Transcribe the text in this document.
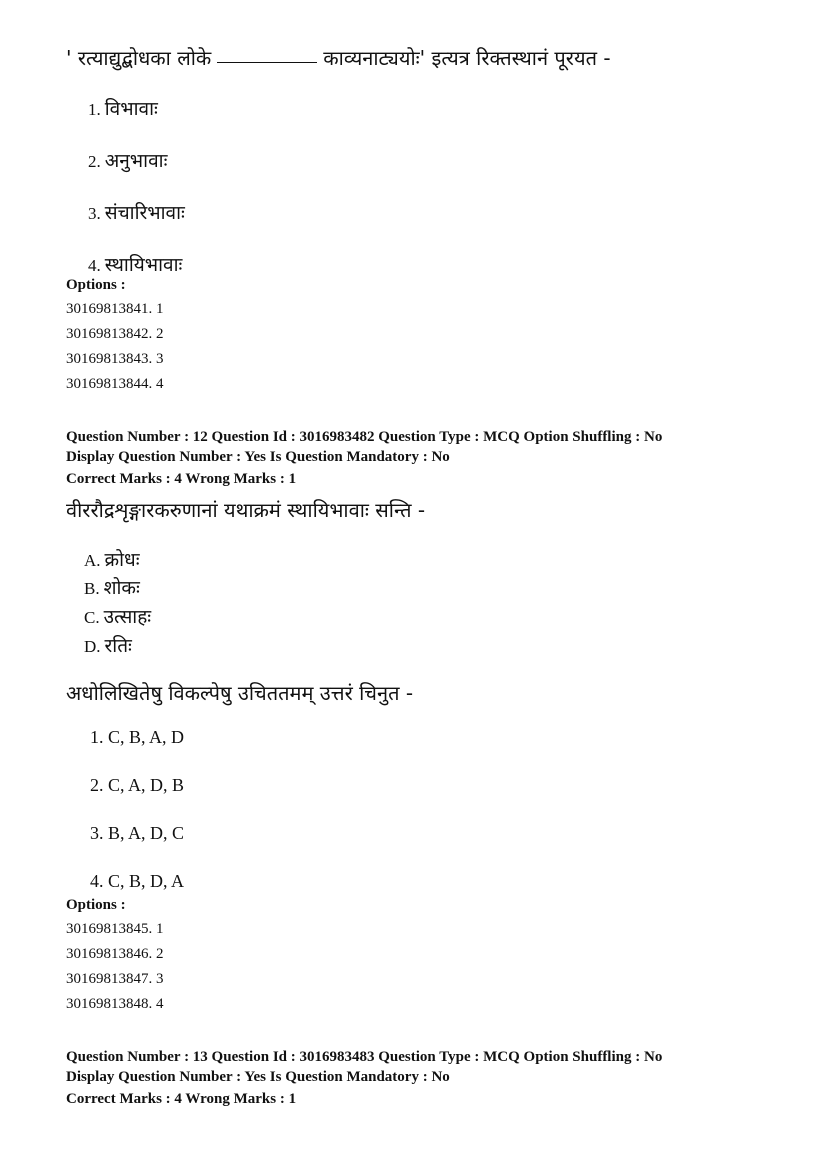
' रत्याद्युद्बोधका लोके	काव्यनाट्ययोः' इत्यत्र रिक्तस्थानं पूरयत -
1. विभावाः
2. अनुभावाः
3. संचारिभावाः
4. स्थायिभावाः
Options :
30169813841. 1
30169813842. 2
30169813843. 3
30169813844. 4
Question Number : 12 Question Id : 3016983482 Question Type : MCQ Option Shuffling : No
Display Question Number : Yes Is Question Mandatory : No
Correct Marks : 4 Wrong Marks : 1
वीररौद्रशृङ्गारकरुणानां यथाक्रमं स्थायिभावाः सन्ति -
A. क्रोधः
B. शोकः
C. उत्साहः
D. रतिः
अधोलिखितेषु विकल्पेषु उचिततमम् उत्तरं चिनुत -
1. C, B, A, D
2. C, A, D, B
3. B, A, D, C
4. C, B, D, A
Options :
30169813845. 1
30169813846. 2
30169813847. 3
30169813848. 4
Question Number : 13 Question Id : 3016983483 Question Type : MCQ Option Shuffling : No
Display Question Number : Yes Is Question Mandatory : No
Correct Marks : 4 Wrong Marks : 1
